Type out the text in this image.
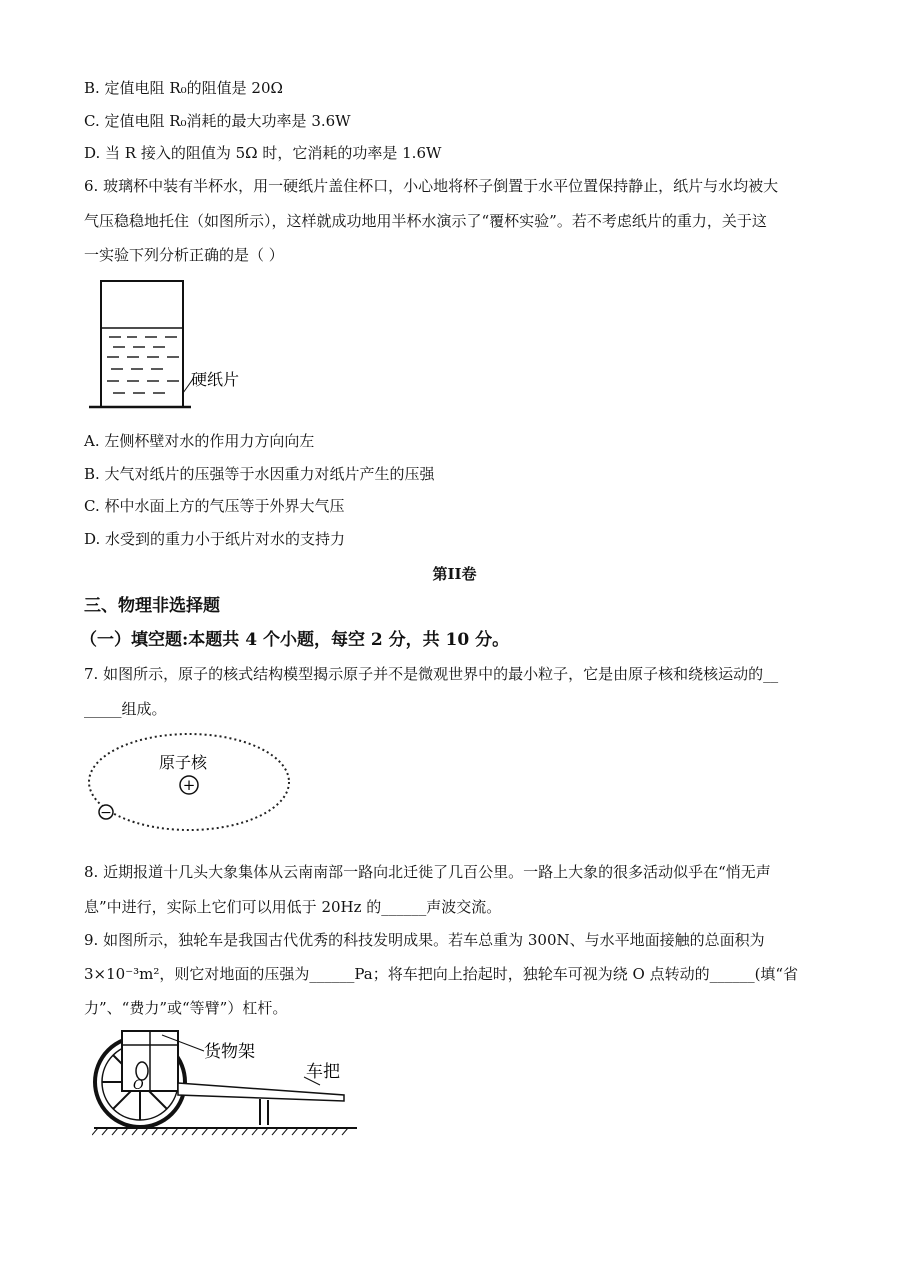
B. 定值电阻 R₀的阻值是 20Ω
C. 定值电阻 R₀消耗的最大功率是 3.6W
D. 当 R 接入的阻值为 5Ω 时，它消耗的功率是 1.6W
6. 玻璃杯中装有半杯水，用一硬纸片盖住杯口，小心地将杯子倒置于水平位置保持静止，纸片与水均被大
气压稳稳地托住（如图所示），这样就成功地用半杯水演示了“覆杯实验”。若不考虑纸片的重力，关于这
一实验下列分析正确的是（ ）
硬纸片
A. 左侧杯壁对水的作用力方向向左
B. 大气对纸片的压强等于水因重力对纸片产生的压强
C. 杯中水面上方的气压等于外界大气压
D. 水受到的重力小于纸片对水的支持力
第II卷
三、物理非选择题
（一）填空题:本题共 4 个小题，每空 2 分，共 10 分。
7. 如图所示，原子的核式结构模型揭示原子并不是微观世界中的最小粒子，它是由原子核和绕核运动的__
_____组成。
原子核
+
−
8. 近期报道十几头大象集体从云南南部一路向北迁徙了几百公里。一路上大象的很多活动似乎在“悄无声
息”中进行，实际上它们可以用低于 20Hz 的______声波交流。
9. 如图所示，独轮车是我国古代优秀的科技发明成果。若车总重为 300N、与水平地面接触的总面积为
3×10⁻³m²，则它对地面的压强为______Pa；将车把向上抬起时，独轮车可视为绕 O 点转动的______(填“省
力”、“费力”或“等臂”）杠杆。
O
货物架
车把
